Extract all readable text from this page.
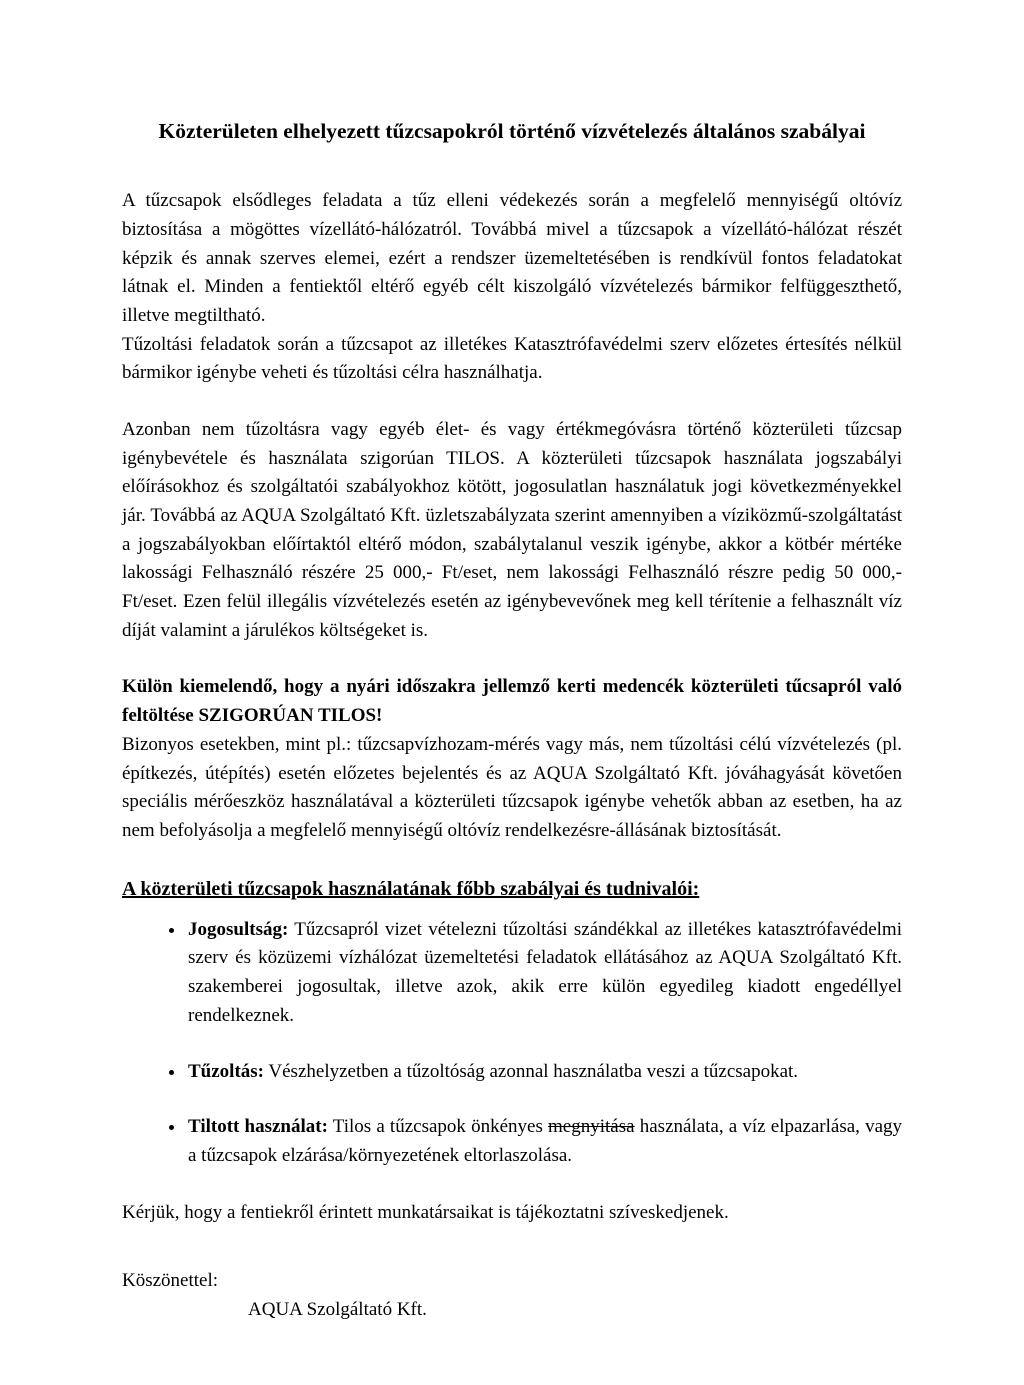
Közterületen elhelyezett tűzcsapokról történő vízvételezés általános szabályai
A tűzcsapok elsődleges feladata a tűz elleni védekezés során a megfelelő mennyiségű oltóvíz biztosítása a mögöttes vízellátó-hálózatról. Továbbá mivel a tűzcsapok a vízellátó-hálózat részét képzik és annak szerves elemei, ezért a rendszer üzemeltetésében is rendkívül fontos feladatokat látnak el. Minden a fentiektől eltérő egyéb célt kiszolgáló vízvételezés bármikor felfüggeszthető, illetve megtiltható.
Tűzoltási feladatok során a tűzcsapot az illetékes Katasztrófavédelmi szerv előzetes értesítés nélkül bármikor igénybe veheti és tűzoltási célra használhatja.
Azonban nem tűzoltásra vagy egyéb élet- és vagy értékmegóvásra történő közterületi tűzcsap igénybevétele és használata szigorúan TILOS. A közterületi tűzcsapok használata jogszabályi előírásokhoz és szolgáltatói szabályokhoz kötött, jogosulatlan használatuk jogi következményekkel jár. Továbbá az AQUA Szolgáltató Kft. üzletszabályzata szerint amennyiben a víziközmű-szolgáltatást a jogszabályokban előírtaktól eltérő módon, szabálytalanul veszik igénybe, akkor a kötbér mértéke lakossági Felhasználó részére 25 000,- Ft/eset, nem lakossági Felhasználó részre pedig 50 000,- Ft/eset. Ezen felül illegális vízvételezés esetén az igénybevevőnek meg kell térítenie a felhasznált víz díját valamint a járulékos költségeket is.
Külön kiemelendő, hogy a nyári időszakra jellemző kerti medencék közterületi tűcsapról való feltöltése SZIGORÚAN TILOS!
Bizonyos esetekben, mint pl.: tűzcsapvízhozam-mérés vagy más, nem tűzoltási célú vízvételezés (pl. építkezés, útépítés) esetén előzetes bejelentés és az AQUA Szolgáltató Kft. jóváhagyását követően speciális mérőeszköz használatával a közterületi tűzcsapok igénybe vehetők abban az esetben, ha az nem befolyásolja a megfelelő mennyiségű oltóvíz rendelkezésre-állásának biztosítását.
A közterületi tűzcsapok használatának főbb szabályai és tudnivalói:
• Jogosultság: Tűzcsapról vizet vételezni tűzoltási szándékkal az illetékes katasztrófavédelmi szerv és közüzemi vízhálózat üzemeltetési feladatok ellátásához az AQUA Szolgáltató Kft. szakemberei jogosultak, illetve azok, akik erre külön egyedileg kiadott engedéllyel rendelkeznek.
• Tűzoltás: Vészhelyzetben a tűzoltóság azonnal használatba veszi a tűzcsapokat.
• Tiltott használat: Tilos a tűzcsapok önkényes megnyitása használata, a víz elpazarlása, vagy a tűzcsapok elzárása/környezetének eltorlaszolása.
Kérjük, hogy a fentiekről érintett munkatársaikat is tájékoztatni szíveskedjenek.
Köszönettel:
AQUA Szolgáltató Kft.
